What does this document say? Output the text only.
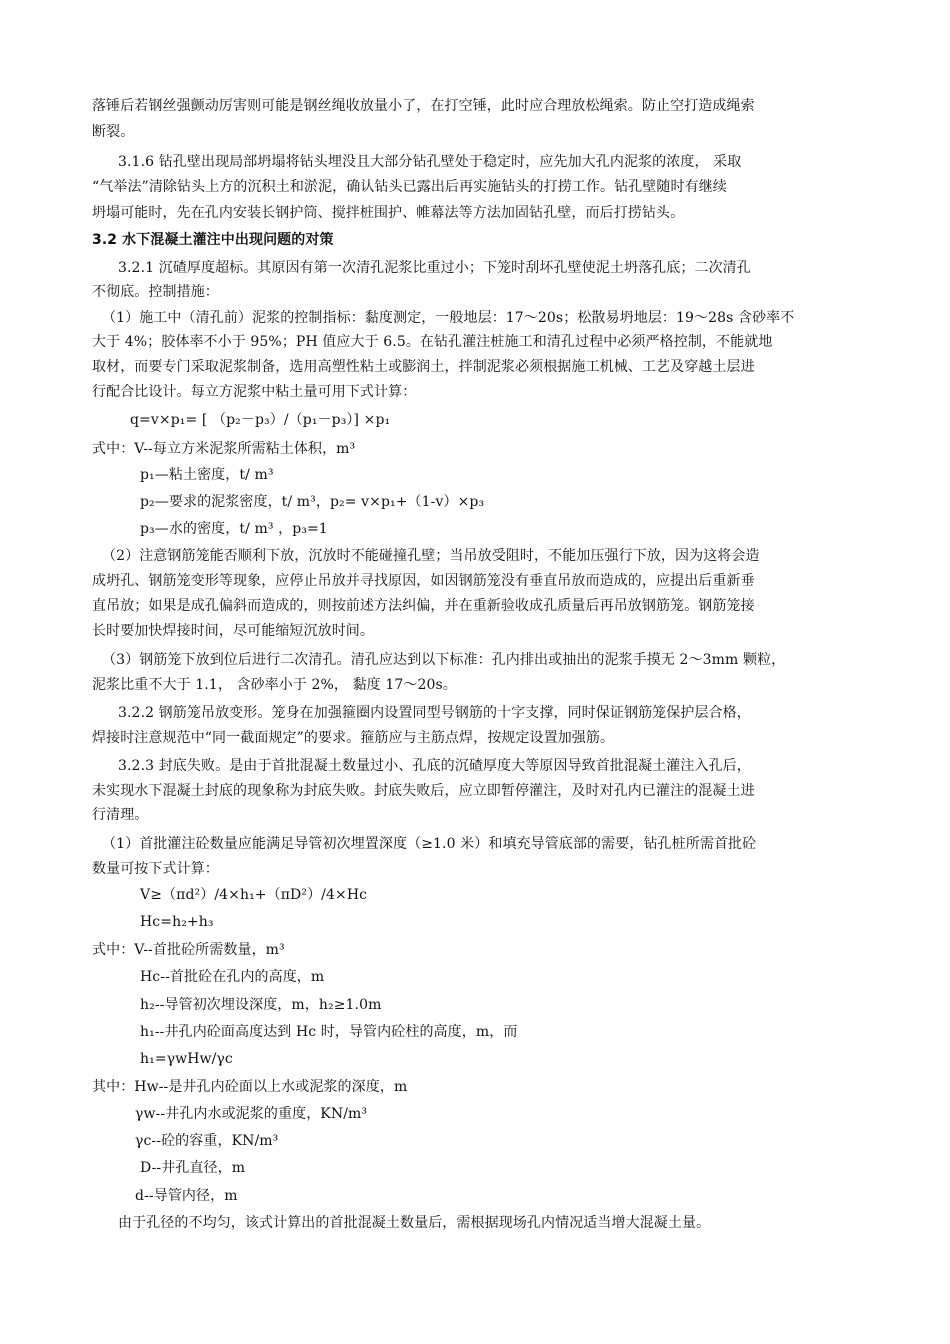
落锤后若钢丝强颤动厉害则可能是钢丝绳收放量小了，在打空锤，此时应合理放松绳索。防止空打造成绳索
断裂。
3.1.6 钻孔壁出现局部坍塌将钻头埋没且大部分钻孔壁处于稳定时，应先加大孔内泥浆的浓度， 采取
“气举法”清除钻头上方的沉积土和淤泥，确认钻头已露出后再实施钻头的打捞工作。钻孔壁随时有继续
坍塌可能时，先在孔内安装长钢护筒、搅拌桩围护、帷幕法等方法加固钻孔壁，而后打捞钻头。
3.2 水下混凝土灌注中出现问题的对策
3.2.1 沉碴厚度超标。其原因有第一次清孔泥浆比重过小；下笼时刮坏孔壁使泥土坍落孔底；二次清孔
不彻底。控制措施：
（1）施工中（清孔前）泥浆的控制指标：黏度测定，一般地层：17～20s；松散易坍地层：19～28s 含砂率不
大于 4%；胶体率不小于 95%；PH 值应大于 6.5。在钻孔灌注桩施工和清孔过程中必须严格控制，不能就地
取材，而要专门采取泥浆制备，选用高塑性粘土或膨润土，拌制泥浆必须根据施工机械、工艺及穿越土层进
行配合比设计。每立方泥浆中粘土量可用下式计算：
q=v×p₁= [ （p₂－p₃）/（p₁－p₃）] ×p₁
式中：V--每立方米泥浆所需粘土体积，m³
p₁—粘土密度，t/ m³
p₂—要求的泥浆密度，t/ m³，p₂= v×p₁+（1-v）×p₃
p₃—水的密度，t/ m³ ，p₃=1
（2）注意钢筋笼能否顺利下放，沉放时不能碰撞孔壁；当吊放受阻时，不能加压强行下放，因为这将会造
成坍孔、钢筋笼变形等现象，应停止吊放并寻找原因，如因钢筋笼没有垂直吊放而造成的，应提出后重新垂
直吊放；如果是成孔偏斜而造成的，则按前述方法纠偏，并在重新验收成孔质量后再吊放钢筋笼。钢筋笼接
长时要加快焊接时间，尽可能缩短沉放时间。
（3）钢筋笼下放到位后进行二次清孔。清孔应达到以下标准：孔内排出或抽出的泥浆手摸无 2～3mm 颗粒，
泥浆比重不大于 1.1， 含砂率小于 2%， 黏度 17～20s。
3.2.2 钢筋笼吊放变形。笼身在加强箍圈内设置同型号钢筋的十字支撑，同时保证钢筋笼保护层合格，
焊接时注意规范中“同一截面规定”的要求。箍筋应与主筋点焊，按规定设置加强筋。
3.2.3 封底失败。是由于首批混凝土数量过小、孔底的沉碴厚度大等原因导致首批混凝土灌注入孔后，
未实现水下混凝土封底的现象称为封底失败。封底失败后，应立即暂停灌注，及时对孔内已灌注的混凝土进
行清理。
（1）首批灌注砼数量应能满足导管初次埋置深度（≥1.0 米）和填充导管底部的需要，钻孔桩所需首批砼
数量可按下式计算：
V≥（πd²）/4×h₁+（πD²）/4×Hc
Hc=h₂+h₃
式中：V--首批砼所需数量，m³
Hc--首批砼在孔内的高度，m
h₂--导管初次埋设深度，m，h₂≥1.0m
h₁--井孔内砼面高度达到 Hc 时，导管内砼柱的高度，m，而
h₁=γwHw/γc
其中：Hw--是井孔内砼面以上水或泥浆的深度，m
γw--井孔内水或泥浆的重度，KN/m³
γc--砼的容重，KN/m³
D--井孔直径，m
d--导管内径，m
由于孔径的不均匀，该式计算出的首批混凝土数量后，需根据现场孔内情况适当增大混凝土量。
